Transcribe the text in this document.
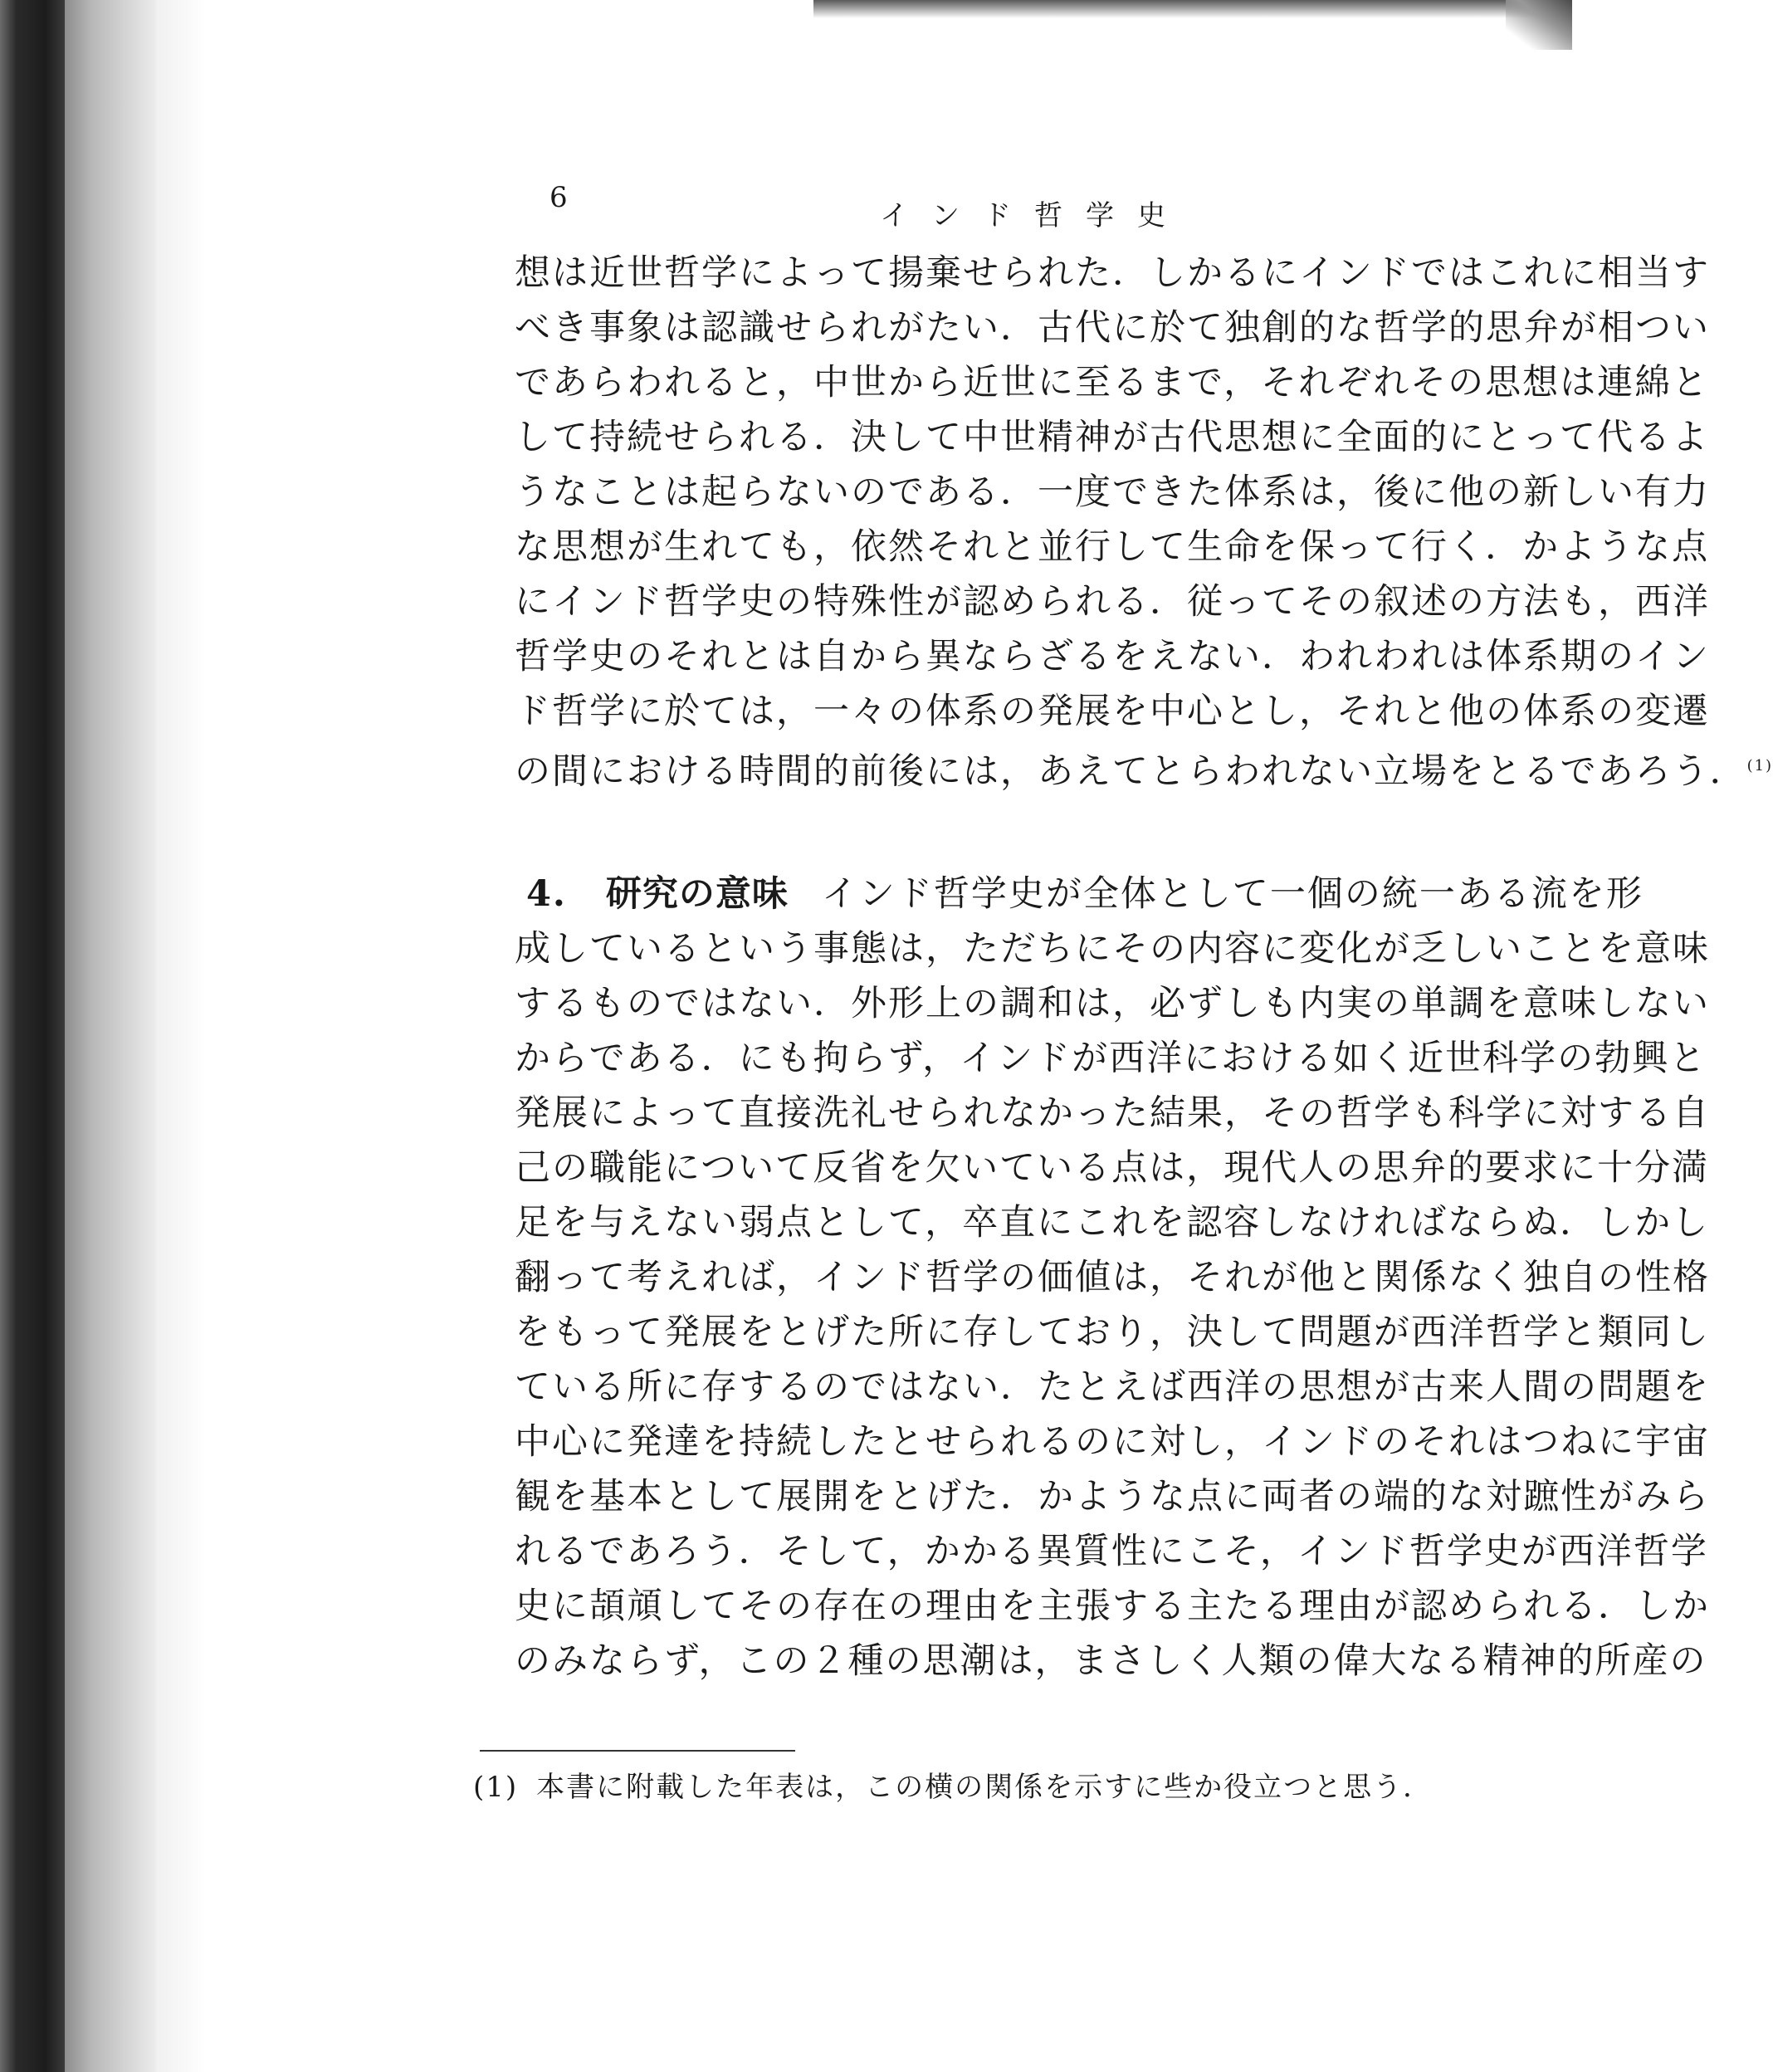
6
インド哲学史
想は近世哲学によって揚棄せられた．しかるにインドではこれに相当す
べき事象は認識せられがたい．古代に於て独創的な哲学的思弁が相つい
であらわれると，中世から近世に至るまで，それぞれその思想は連綿と
して持続せられる．決して中世精神が古代思想に全面的にとって代るよ
うなことは起らないのである．一度できた体系は，後に他の新しい有力
な思想が生れても，依然それと並行して生命を保って行く．かような点
にインド哲学史の特殊性が認められる．従ってその叙述の方法も，西洋
哲学史のそれとは自から異ならざるをえない．われわれは体系期のイン
ド哲学に於ては，一々の体系の発展を中心とし，それと他の体系の変遷
の間における時間的前後には，あえてとらわれない立場をとるであろう．$^{(1)}$
4. 研究の意味 インド哲学史が全体として一個の統一ある流を形
成しているという事態は，ただちにその内容に変化が乏しいことを意味
するものではない．外形上の調和は，必ずしも内実の単調を意味しない
からである．にも拘らず，インドが西洋における如く近世科学の勃興と
発展によって直接洗礼せられなかった結果，その哲学も科学に対する自
己の職能について反省を欠いている点は，現代人の思弁的要求に十分満
足を与えない弱点として，卒直にこれを認容しなければならぬ．しかし
翻って考えれば，インド哲学の価値は，それが他と関係なく独自の性格
をもって発展をとげた所に存しており，決して問題が西洋哲学と類同し
ている所に存するのではない．たとえば西洋の思想が古来人間の問題を
中心に発達を持続したとせられるのに対し，インドのそれはつねに宇宙
観を基本として展開をとげた．かような点に両者の端的な対蹠性がみら
れるであろう．そして，かかる異質性にこそ，インド哲学史が西洋哲学
史に頡頏してその存在の理由を主張する主たる理由が認められる．しか
のみならず，この２種の思潮は，まさしく人類の偉大なる精神的所産の
(1) 本書に附載した年表は，この横の関係を示すに些か役立つと思う．
